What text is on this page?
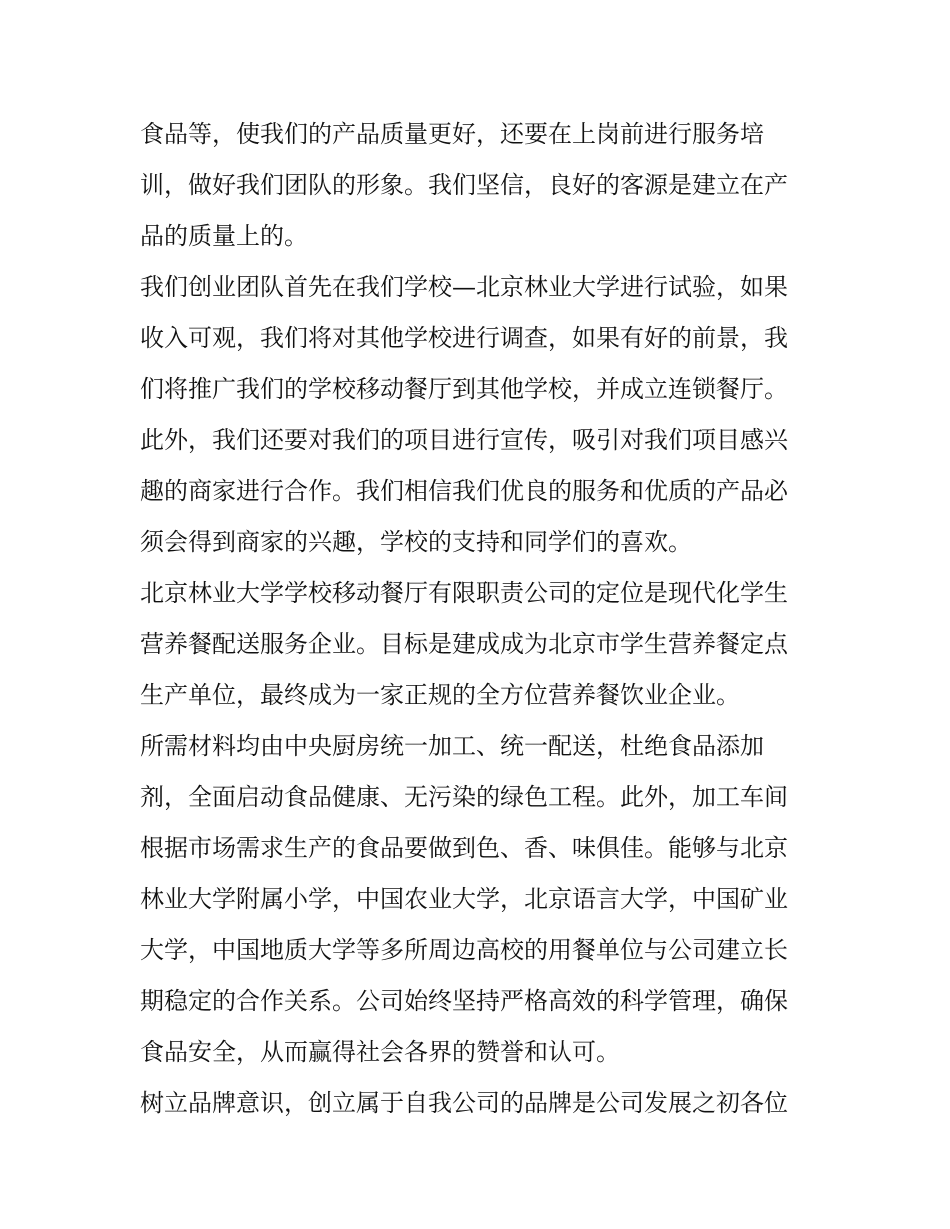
食品等，使我们的产品质量更好，还要在上岗前进行服务培
训，做好我们团队的形象。我们坚信，良好的客源是建立在产
品的质量上的。
我们创业团队首先在我们学校—北京林业大学进行试验，如果
收入可观，我们将对其他学校进行调查，如果有好的前景，我
们将推广我们的学校移动餐厅到其他学校，并成立连锁餐厅。
此外，我们还要对我们的项目进行宣传，吸引对我们项目感兴
趣的商家进行合作。我们相信我们优良的服务和优质的产品必
须会得到商家的兴趣，学校的支持和同学们的喜欢。
北京林业大学学校移动餐厅有限职责公司的定位是现代化学生
营养餐配送服务企业。目标是建成成为北京市学生营养餐定点
生产单位，最终成为一家正规的全方位营养餐饮业企业。
所需材料均由中央厨房统一加工、统一配送，杜绝食品添加
剂，全面启动食品健康、无污染的绿色工程。此外，加工车间
根据市场需求生产的食品要做到色、香、味俱佳。能够与北京
林业大学附属小学，中国农业大学，北京语言大学，中国矿业
大学，中国地质大学等多所周边高校的用餐单位与公司建立长
期稳定的合作关系。公司始终坚持严格高效的科学管理，确保
食品安全，从而赢得社会各界的赞誉和认可。
树立品牌意识，创立属于自我公司的品牌是公司发展之初各位
